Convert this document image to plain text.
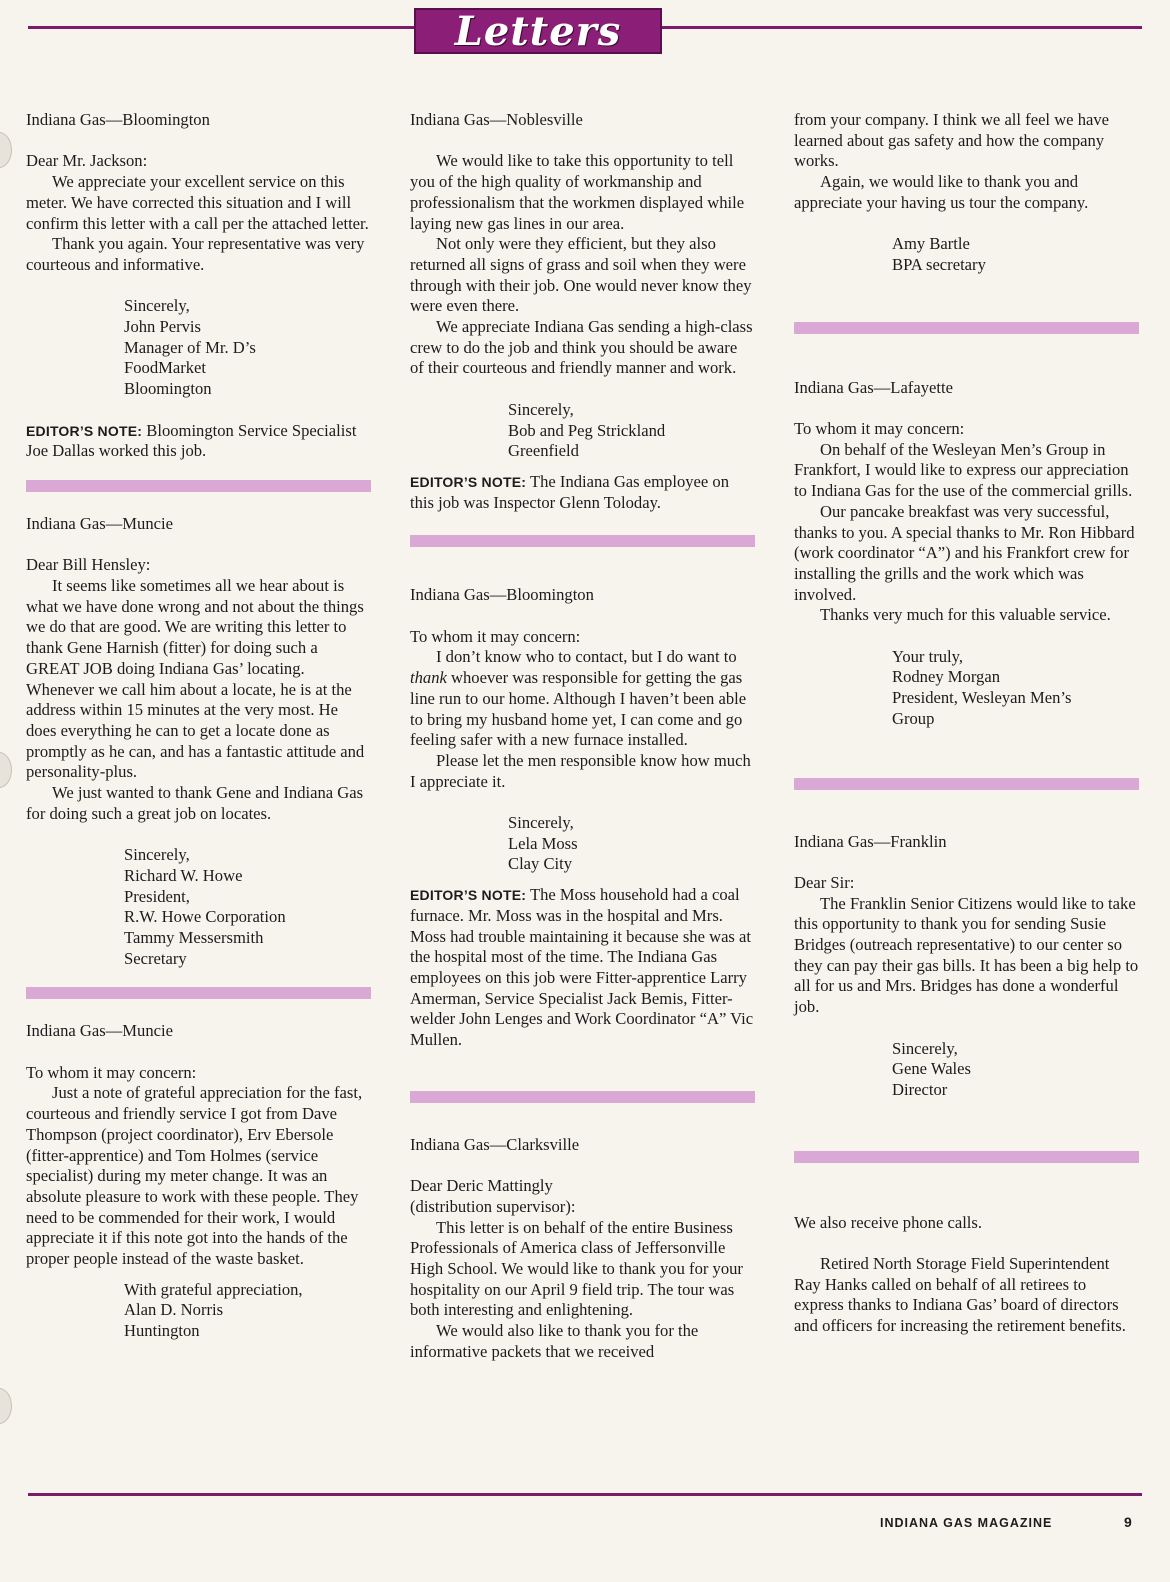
Letters

Indiana Gas—Bloomington

Dear Mr. Jackson:

We appreciate your excellent service on this meter. We have corrected this situation and I will confirm this letter with a call per the attached letter.

Thank you again. Your representative was very courteous and informative.

Sincerely,

John Pervis

Manager of Mr. D’s

FoodMarket

Bloomington

EDITOR’S NOTE: Bloomington Service Specialist Joe Dallas worked this job.

Indiana Gas—Muncie

Dear Bill Hensley:

It seems like sometimes all we hear about is what we have done wrong and not about the things we do that are good. We are writing this letter to thank Gene Harnish (fitter) for doing such a GREAT JOB doing Indiana Gas’ locating. Whenever we call him about a locate, he is at the address within 15 minutes at the very most. He does everything he can to get a locate done as promptly as he can, and has a fantastic attitude and personality-plus.

We just wanted to thank Gene and Indiana Gas for doing such a great job on locates.

Sincerely,

Richard W. Howe

President,

R.W. Howe Corporation

Tammy Messersmith

Secretary

Indiana Gas—Muncie

To whom it may concern:

Just a note of grateful appreciation for the fast, courteous and friendly service I got from Dave Thompson (project coordinator), Erv Ebersole (fitter-apprentice) and Tom Holmes (service specialist) during my meter change. It was an absolute pleasure to work with these people. They need to be commended for their work, I would appreciate it if this note got into the hands of the proper people instead of the waste basket.

With grateful appreciation,

Alan D. Norris

Huntington

Indiana Gas—Noblesville

We would like to take this opportunity to tell you of the high quality of workmanship and professionalism that the workmen displayed while laying new gas lines in our area.

Not only were they efficient, but they also returned all signs of grass and soil when they were through with their job. One would never know they were even there.

We appreciate Indiana Gas sending a high-class crew to do the job and think you should be aware of their courteous and friendly manner and work.

Sincerely,

Bob and Peg Strickland

Greenfield

EDITOR’S NOTE: The Indiana Gas employee on this job was Inspector Glenn Toloday.

Indiana Gas—Bloomington

To whom it may concern:

I don’t know who to contact, but I do want to thank whoever was responsible for getting the gas line run to our home. Although I haven’t been able to bring my husband home yet, I can come and go feeling safer with a new furnace installed.

Please let the men responsible know how much I appreciate it.

Sincerely,

Lela Moss

Clay City

EDITOR’S NOTE: The Moss household had a coal furnace. Mr. Moss was in the hospital and Mrs. Moss had trouble maintaining it because she was at the hospital most of the time. The Indiana Gas employees on this job were Fitter-apprentice Larry Amerman, Service Specialist Jack Bemis, Fitter-welder John Lenges and Work Coordinator “A” Vic Mullen.

Indiana Gas—Clarksville

Dear Deric Mattingly

(distribution supervisor):

This letter is on behalf of the entire Business Professionals of America class of Jeffersonville High School. We would like to thank you for your hospitality on our April 9 field trip. The tour was both interesting and enlightening.

We would also like to thank you for the informative packets that we received

from your company. I think we all feel we have learned about gas safety and how the company works.

Again, we would like to thank you and appreciate your having us tour the company.

Amy Bartle

BPA secretary

Indiana Gas—Lafayette

To whom it may concern:

On behalf of the Wesleyan Men’s Group in Frankfort, I would like to express our appreciation to Indiana Gas for the use of the commercial grills.

Our pancake breakfast was very successful, thanks to you. A special thanks to Mr. Ron Hibbard (work coordinator “A”) and his Frankfort crew for installing the grills and the work which was involved.

Thanks very much for this valuable service.

Your truly,

Rodney Morgan

President, Wesleyan Men’s

Group

Indiana Gas—Franklin

Dear Sir:

The Franklin Senior Citizens would like to take this opportunity to thank you for sending Susie Bridges (outreach representative) to our center so they can pay their gas bills. It has been a big help to all for us and Mrs. Bridges has done a wonderful job.

Sincerely,

Gene Wales

Director

We also receive phone calls.

Retired North Storage Field Superintendent Ray Hanks called on behalf of all retirees to express thanks to Indiana Gas’ board of directors and officers for increasing the retirement benefits.

INDIANA GAS MAGAZINE	9
